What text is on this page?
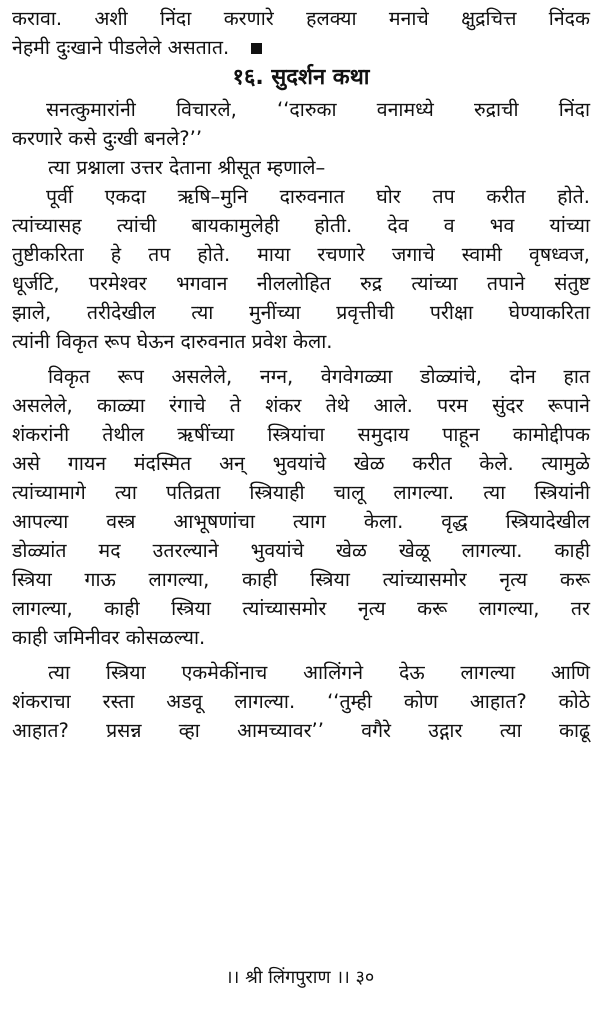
करावा. अशी निंदा करणारे हलक्या मनाचे क्षुद्रचित्त निंदक
नेहमी दुःखाने पीडलेले असतात.
१६. सुदर्शन कथा
सनत्कुमारांनी विचारले, ‘‘दारुका वनामध्ये रुद्राची निंदा
करणारे कसे दुःखी बनले?’’
त्या प्रश्नाला उत्तर देताना श्रीसूत म्हणाले–
पूर्वी एकदा ऋषि–मुनि दारुवनात घोर तप करीत होते.
त्यांच्यासह त्यांची बायकामुलेही होती. देव व भव यांच्या
तुष्टीकरिता हे तप होते. माया रचणारे जगाचे स्वामी वृषध्वज,
धूर्जटि, परमेश्वर भगवान नीललोहित रुद्र त्यांच्या तपाने संतुष्ट
झाले, तरीदेखील त्या मुनींच्या प्रवृत्तीची परीक्षा घेण्याकरिता
त्यांनी विकृत रूप घेऊन दारुवनात प्रवेश केला.
विकृत रूप असलेले, नग्न, वेगवेगळ्या डोळ्यांचे, दोन हात
असलेले, काळ्या रंगाचे ते शंकर तेथे आले. परम सुंदर रूपाने
शंकरांनी तेथील ऋषींच्या स्त्रियांचा समुदाय पाहून कामोद्दीपक
असे गायन मंदस्मित अन् भुवयांचे खेळ करीत केले. त्यामुळे
त्यांच्यामागे त्या पतिव्रता स्त्रियाही चालू लागल्या. त्या स्त्रियांनी
आपल्या वस्त्र आभूषणांचा त्याग केला. वृद्ध स्त्रियादेखील
डोळ्यांत मद उतरल्याने भुवयांचे खेळ खेळू लागल्या. काही
स्त्रिया गाऊ लागल्या, काही स्त्रिया त्यांच्यासमोर नृत्य करू
लागल्या, काही स्त्रिया त्यांच्यासमोर नृत्य करू लागल्या, तर
काही जमिनीवर कोसळल्या.
त्या स्त्रिया एकमेकींनाच आलिंगने देऊ लागल्या आणि
शंकराचा रस्ता अडवू लागल्या. ‘‘तुम्ही कोण आहात? कोठे
आहात? प्रसन्न व्हा आमच्यावर’’ वगैरे उद्गार त्या काढू
।। श्री लिंगपुराण ।। ३०
